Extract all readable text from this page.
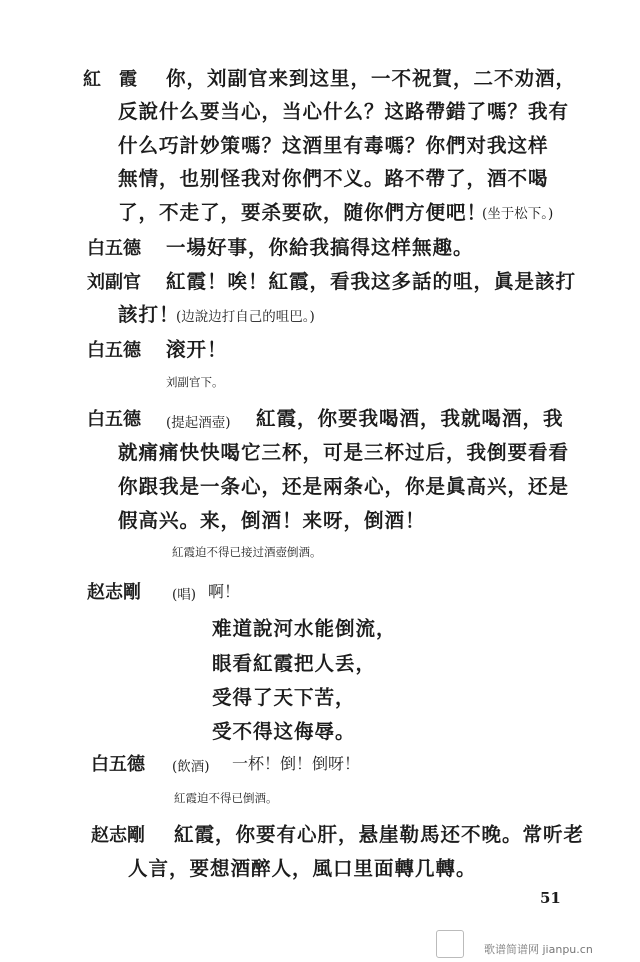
紅　霞 你，刘副官来到这里，一不祝賀，二不劝酒，
反說什么要当心，当心什么？这路帶錯了嗎？我有
什么巧計妙策嗎？这酒里有毒嗎？你們对我这样
無情，也别怪我对你們不义。路不帶了，酒不喝
了，不走了，要杀要砍，随你們方便吧！
(坐于松下。)
白五德 一場好事，你給我搞得这样無趣。
刘副官 紅霞！唉！紅霞，看我这多話的咀，眞是該打
該打！
(边說边打自己的咀巴。)
白五德 滚开！
刘副官下。
白五德 (提起酒壺) 紅霞，你要我喝酒，我就喝酒，我
就痛痛快快喝它三杯，可是三杯过后，我倒要看看
你跟我是一条心，还是兩条心，你是眞高兴，还是
假高兴。来，倒酒！来呀，倒酒！
紅霞迫不得已接过酒壺倒酒。
赵志剛 (唱) 啊！
难道說河水能倒流，
眼看紅霞把人丢，
受得了天下苦，
受不得这侮辱。
白五德 (飲酒) 一杯！倒！倒呀！
紅霞迫不得已倒酒。
赵志剛 紅霞，你要有心肝，悬崖勒馬还不晚。常听老
人言，要想酒醉人，風口里面轉几轉。
51
歌谱简谱网 jianpu.cn
